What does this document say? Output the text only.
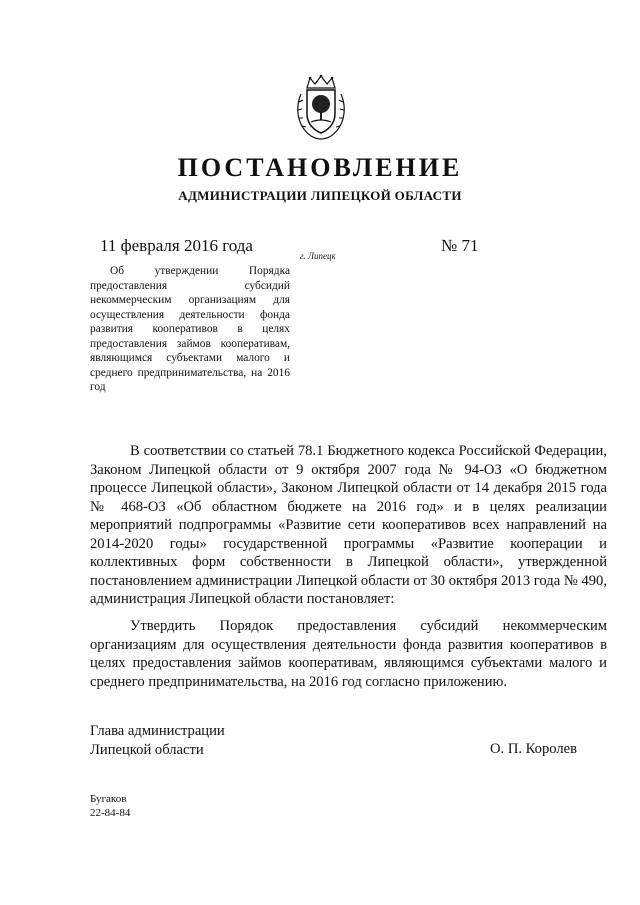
ПОСТАНОВЛЕНИЕ
АДМИНИСТРАЦИИ ЛИПЕЦКОЙ ОБЛАСТИ
11 февраля 2016 года
г. Липецк
№ 71
Об утверждении Порядка предоставления субсидий некоммерческим организациям для осуществления деятельности фонда развития кооперативов в целях предоставления займов кооперативам, являющимся субъектами малого и среднего предпринимательства, на 2016 год
В соответствии со статьей 78.1 Бюджетного кодекса Российской Федерации, Законом Липецкой области от 9 октября 2007 года № 94-ОЗ «О бюджетном процессе Липецкой области», Законом Липецкой области от 14 декабря 2015 года № 468-ОЗ «Об областном бюджете на 2016 год» и в целях реализации мероприятий подпрограммы «Развитие сети кооперативов всех направлений на 2014-2020 годы» государственной программы «Развитие кооперации и коллективных форм собственности в Липецкой области», утвержденной постановлением администрации Липецкой области от 30 октября 2013 года № 490, администрация Липецкой области постановляет:
Утвердить Порядок предоставления субсидий некоммерческим организациям для осуществления деятельности фонда развития кооперативов в целях предоставления займов кооперативам, являющимся субъектами малого и среднего предпринимательства, на 2016 год согласно приложению.
Глава администрации
Липецкой области	О. П. Королев
Бугаков
22-84-84
